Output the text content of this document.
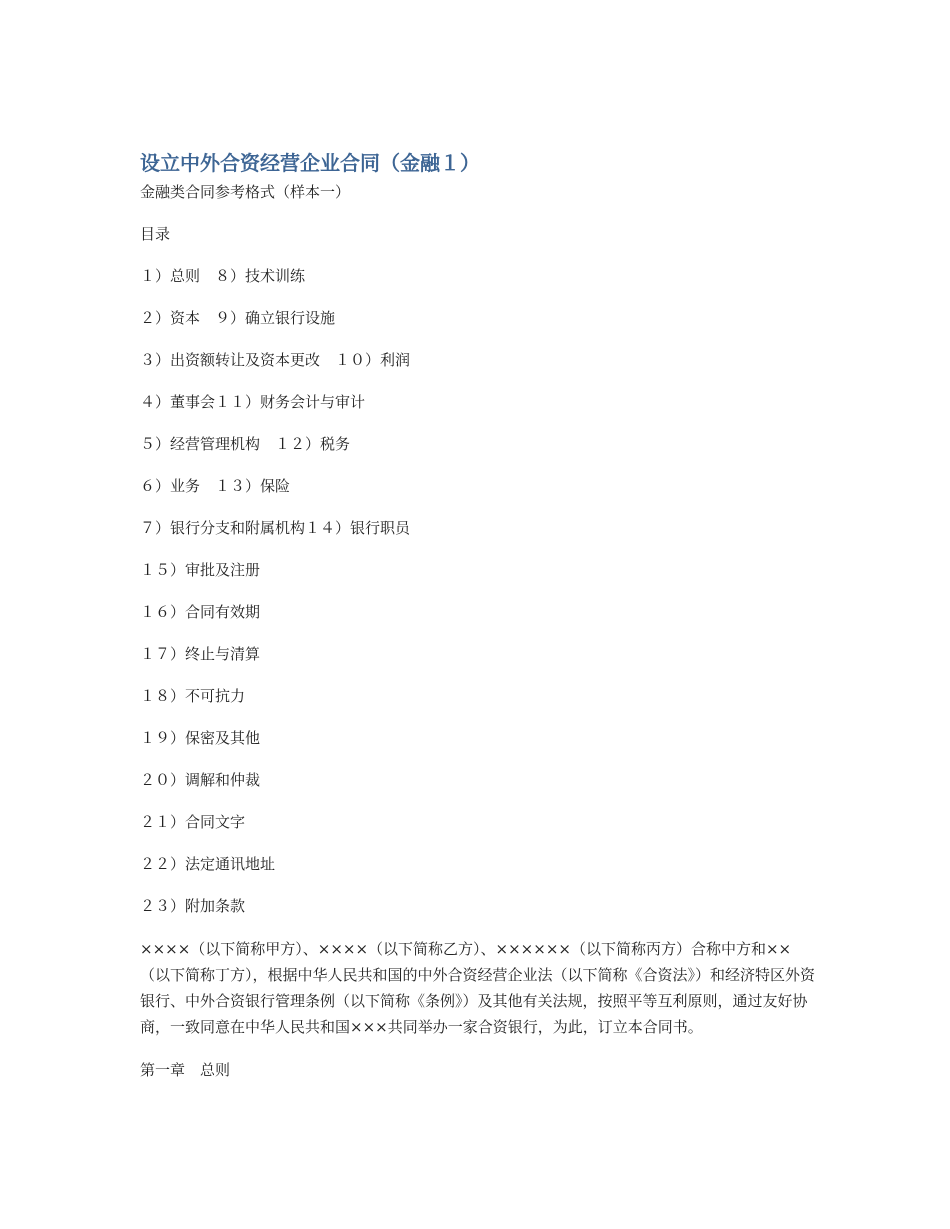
设立中外合资经营企业合同（金融１）
金融类合同参考格式（样本一）
目录
１）总则　８）技术训练
２）资本　９）确立银行设施
３）出资额转让及资本更改　１０）利润
４）董事会１１）财务会计与审计
５）经营管理机构　１２）税务
６）业务　１３）保险
７）银行分支和附属机构１４）银行职员
１５）审批及注册
１６）合同有效期
１７）终止与清算
１８）不可抗力
１９）保密及其他
２０）调解和仲裁
２１）合同文字
２２）法定通讯地址
２３）附加条款
××××（以下简称甲方）、××××（以下简称乙方）、××××××（以下简称丙方）合称中方和××（以下简称丁方），根据中华人民共和国的中外合资经营企业法（以下简称《合资法》）和经济特区外资银行、中外合资银行管理条例（以下简称《条例》）及其他有关法规，按照平等互利原则，通过友好协商，一致同意在中华人民共和国×××共同举办一家合资银行，为此，订立本合同书。
第一章　总则
